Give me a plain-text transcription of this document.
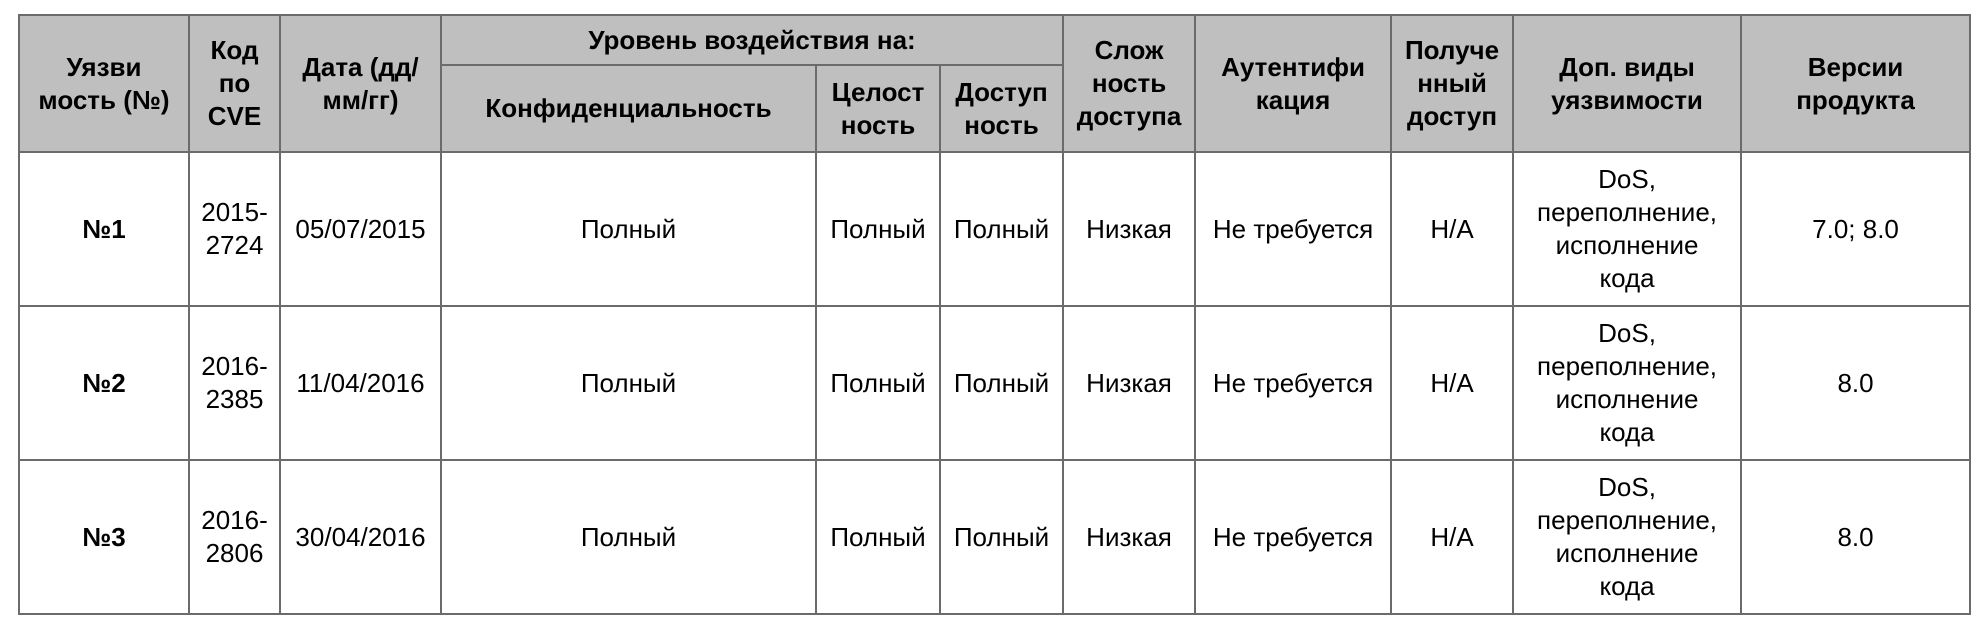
Уязви
мость (№)	Код
по
CVE	Дата (дд/
мм/гг)	Уровень воздействия на:			Слож
ность
доступа	Аутентифи
кация	Получе
нный
доступ	Доп. виды
уязвимости	Версии
продукта
			Конфиденциальность	Целост
ность	Доступ
ность					
№1	2015-
2724	05/07/2015	Полный	Полный	Полный	Низкая	Не требуется	Н/А	DoS,
переполнение,
исполнение
кода	7.0; 8.0
№2	2016-
2385	11/04/2016	Полный	Полный	Полный	Низкая	Не требуется	Н/А	DoS,
переполнение,
исполнение
кода	8.0
№3	2016-
2806	30/04/2016	Полный	Полный	Полный	Низкая	Не требуется	Н/А	DoS,
переполнение,
исполнение
кода	8.0
